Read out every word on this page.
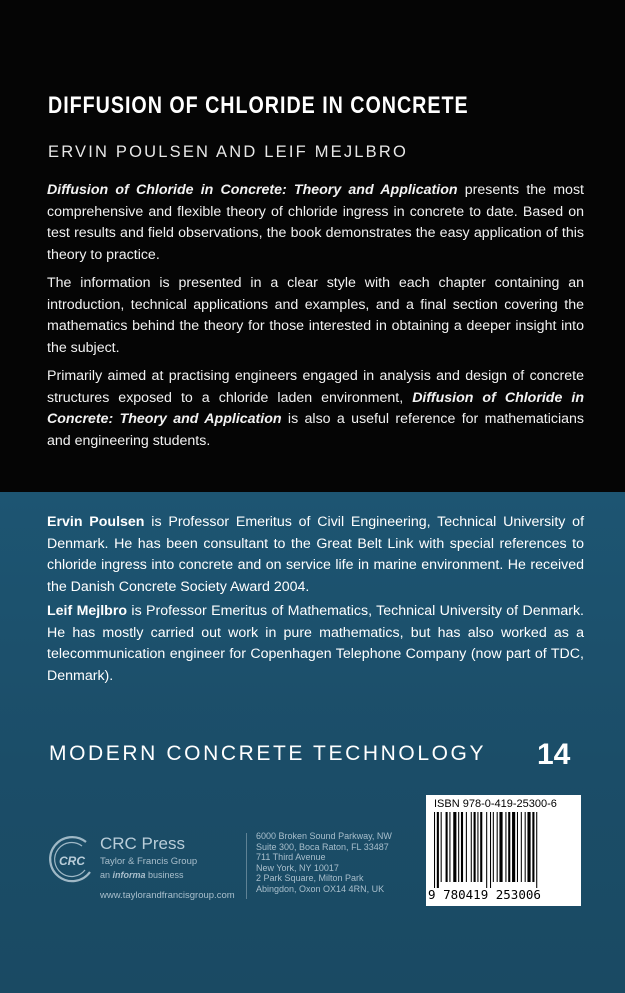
DIFFUSION OF CHLORIDE IN CONCRETE

ERVIN POULSEN AND LEIF MEJLBRO

Diffusion of Chloride in Concrete: Theory and Application presents the most comprehensive and flexible theory of chloride ingress in concrete to date. Based on test results and field observations, the book demonstrates the easy application of this theory to practice.

The information is presented in a clear style with each chapter containing an introduction, technical applications and examples, and a final section covering the mathematics behind the theory for those interested in obtaining a deeper insight into the subject.

Primarily aimed at practising engineers engaged in analysis and design of concrete structures exposed to a chloride laden environment, Diffusion of Chloride in Concrete: Theory and Application is also a useful reference for mathematicians and engineering students.

Ervin Poulsen is Professor Emeritus of Civil Engineering, Technical University of Denmark. He has been consultant to the Great Belt Link with special references to chloride ingress into concrete and on service life in marine environment. He received the Danish Concrete Society Award 2004.

Leif Mejlbro is Professor Emeritus of Mathematics, Technical University of Denmark. He has mostly carried out work in pure mathematics, but has also worked as a telecommunication engineer for Copenhagen Telephone Company (now part of TDC, Denmark).

MODERN CONCRETE TECHNOLOGY 14

CRC
CRC Press
Taylor & Francis Group
an informa business
www.taylorandfrancisgroup.com
6000 Broken Sound Parkway, NW
Suite 300, Boca Raton, FL 33487
711 Third Avenue
New York, NY 10017
2 Park Square, Milton Park
Abingdon, Oxon OX14 4RN, UK
ISBN 978-0-419-25300-6
9 780419 253006
